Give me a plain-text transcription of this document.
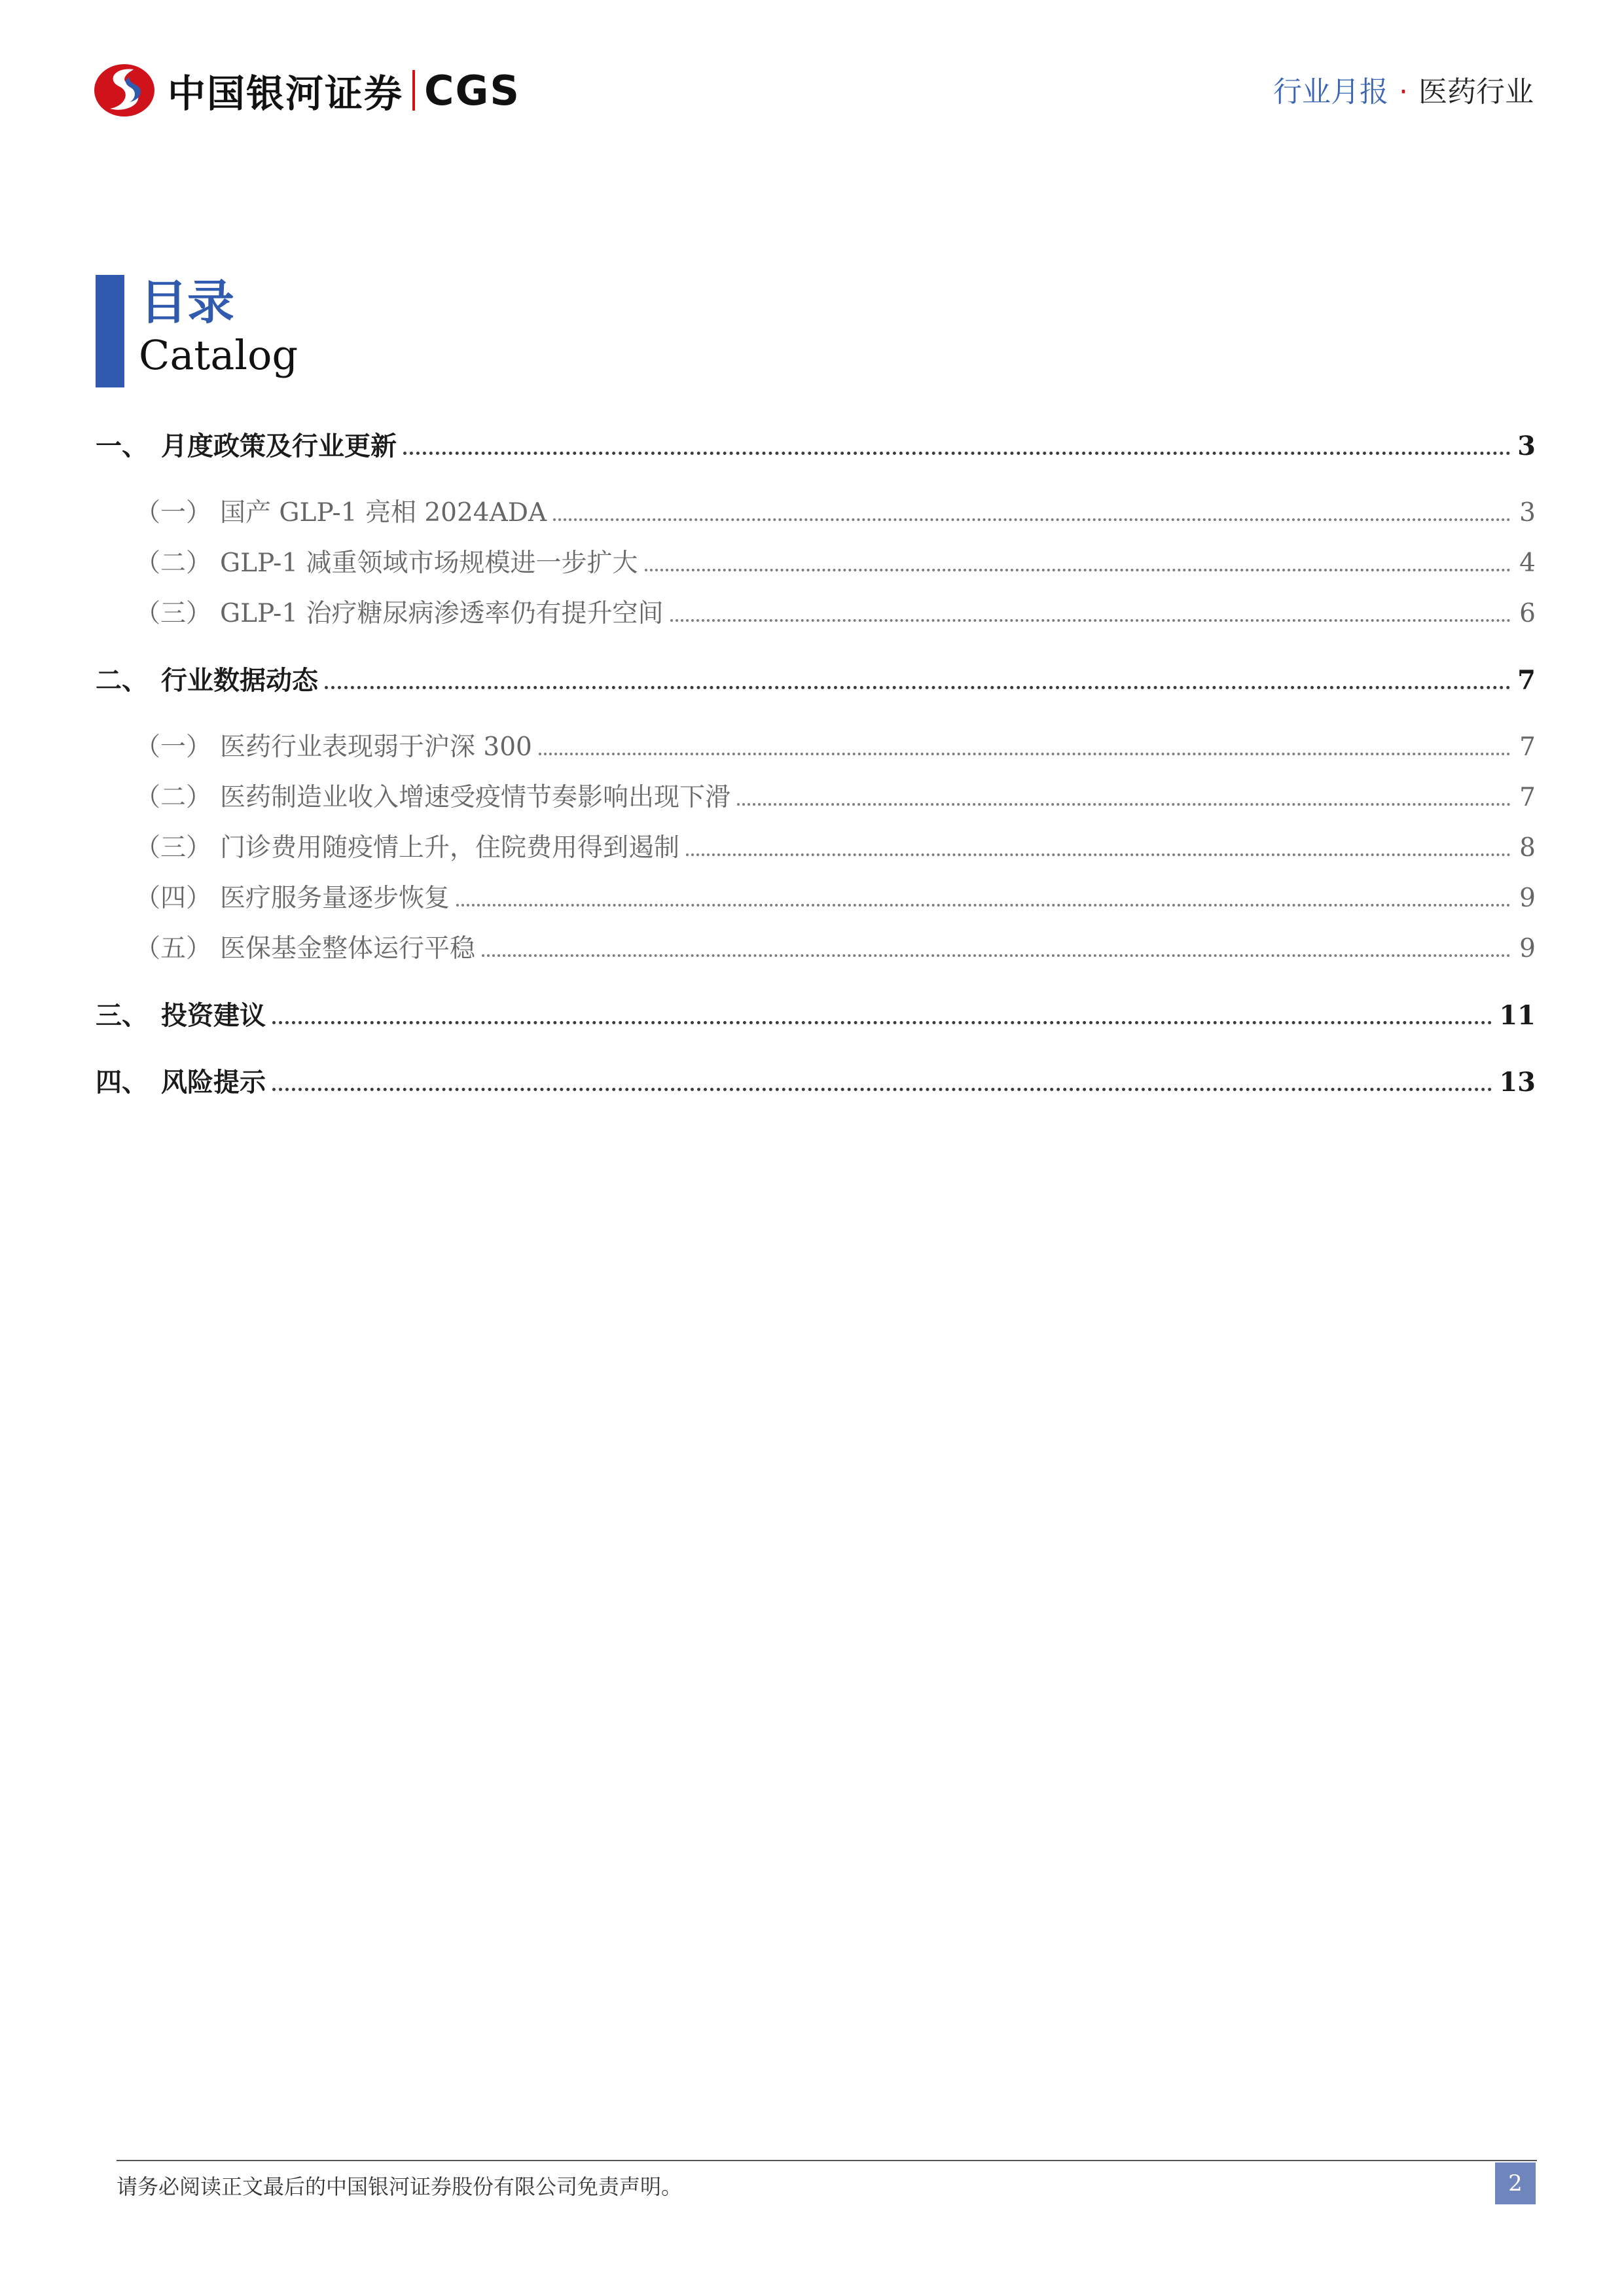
中国银河证券 CGS	行业月报 · 医药行业
目录
Catalog
一、 月度政策及行业更新	3
（一） 国产 GLP-1 亮相 2024ADA	3
（二） GLP-1 减重领域市场规模进一步扩大	4
（三） GLP-1 治疗糖尿病渗透率仍有提升空间	6
二、 行业数据动态	7
（一） 医药行业表现弱于沪深 300	7
（二） 医药制造业收入增速受疫情节奏影响出现下滑	7
（三） 门诊费用随疫情上升，住院费用得到遏制	8
（四） 医疗服务量逐步恢复	9
（五） 医保基金整体运行平稳	9
三、 投资建议	11
四、 风险提示	13
请务必阅读正文最后的中国银河证券股份有限公司免责声明。	2
